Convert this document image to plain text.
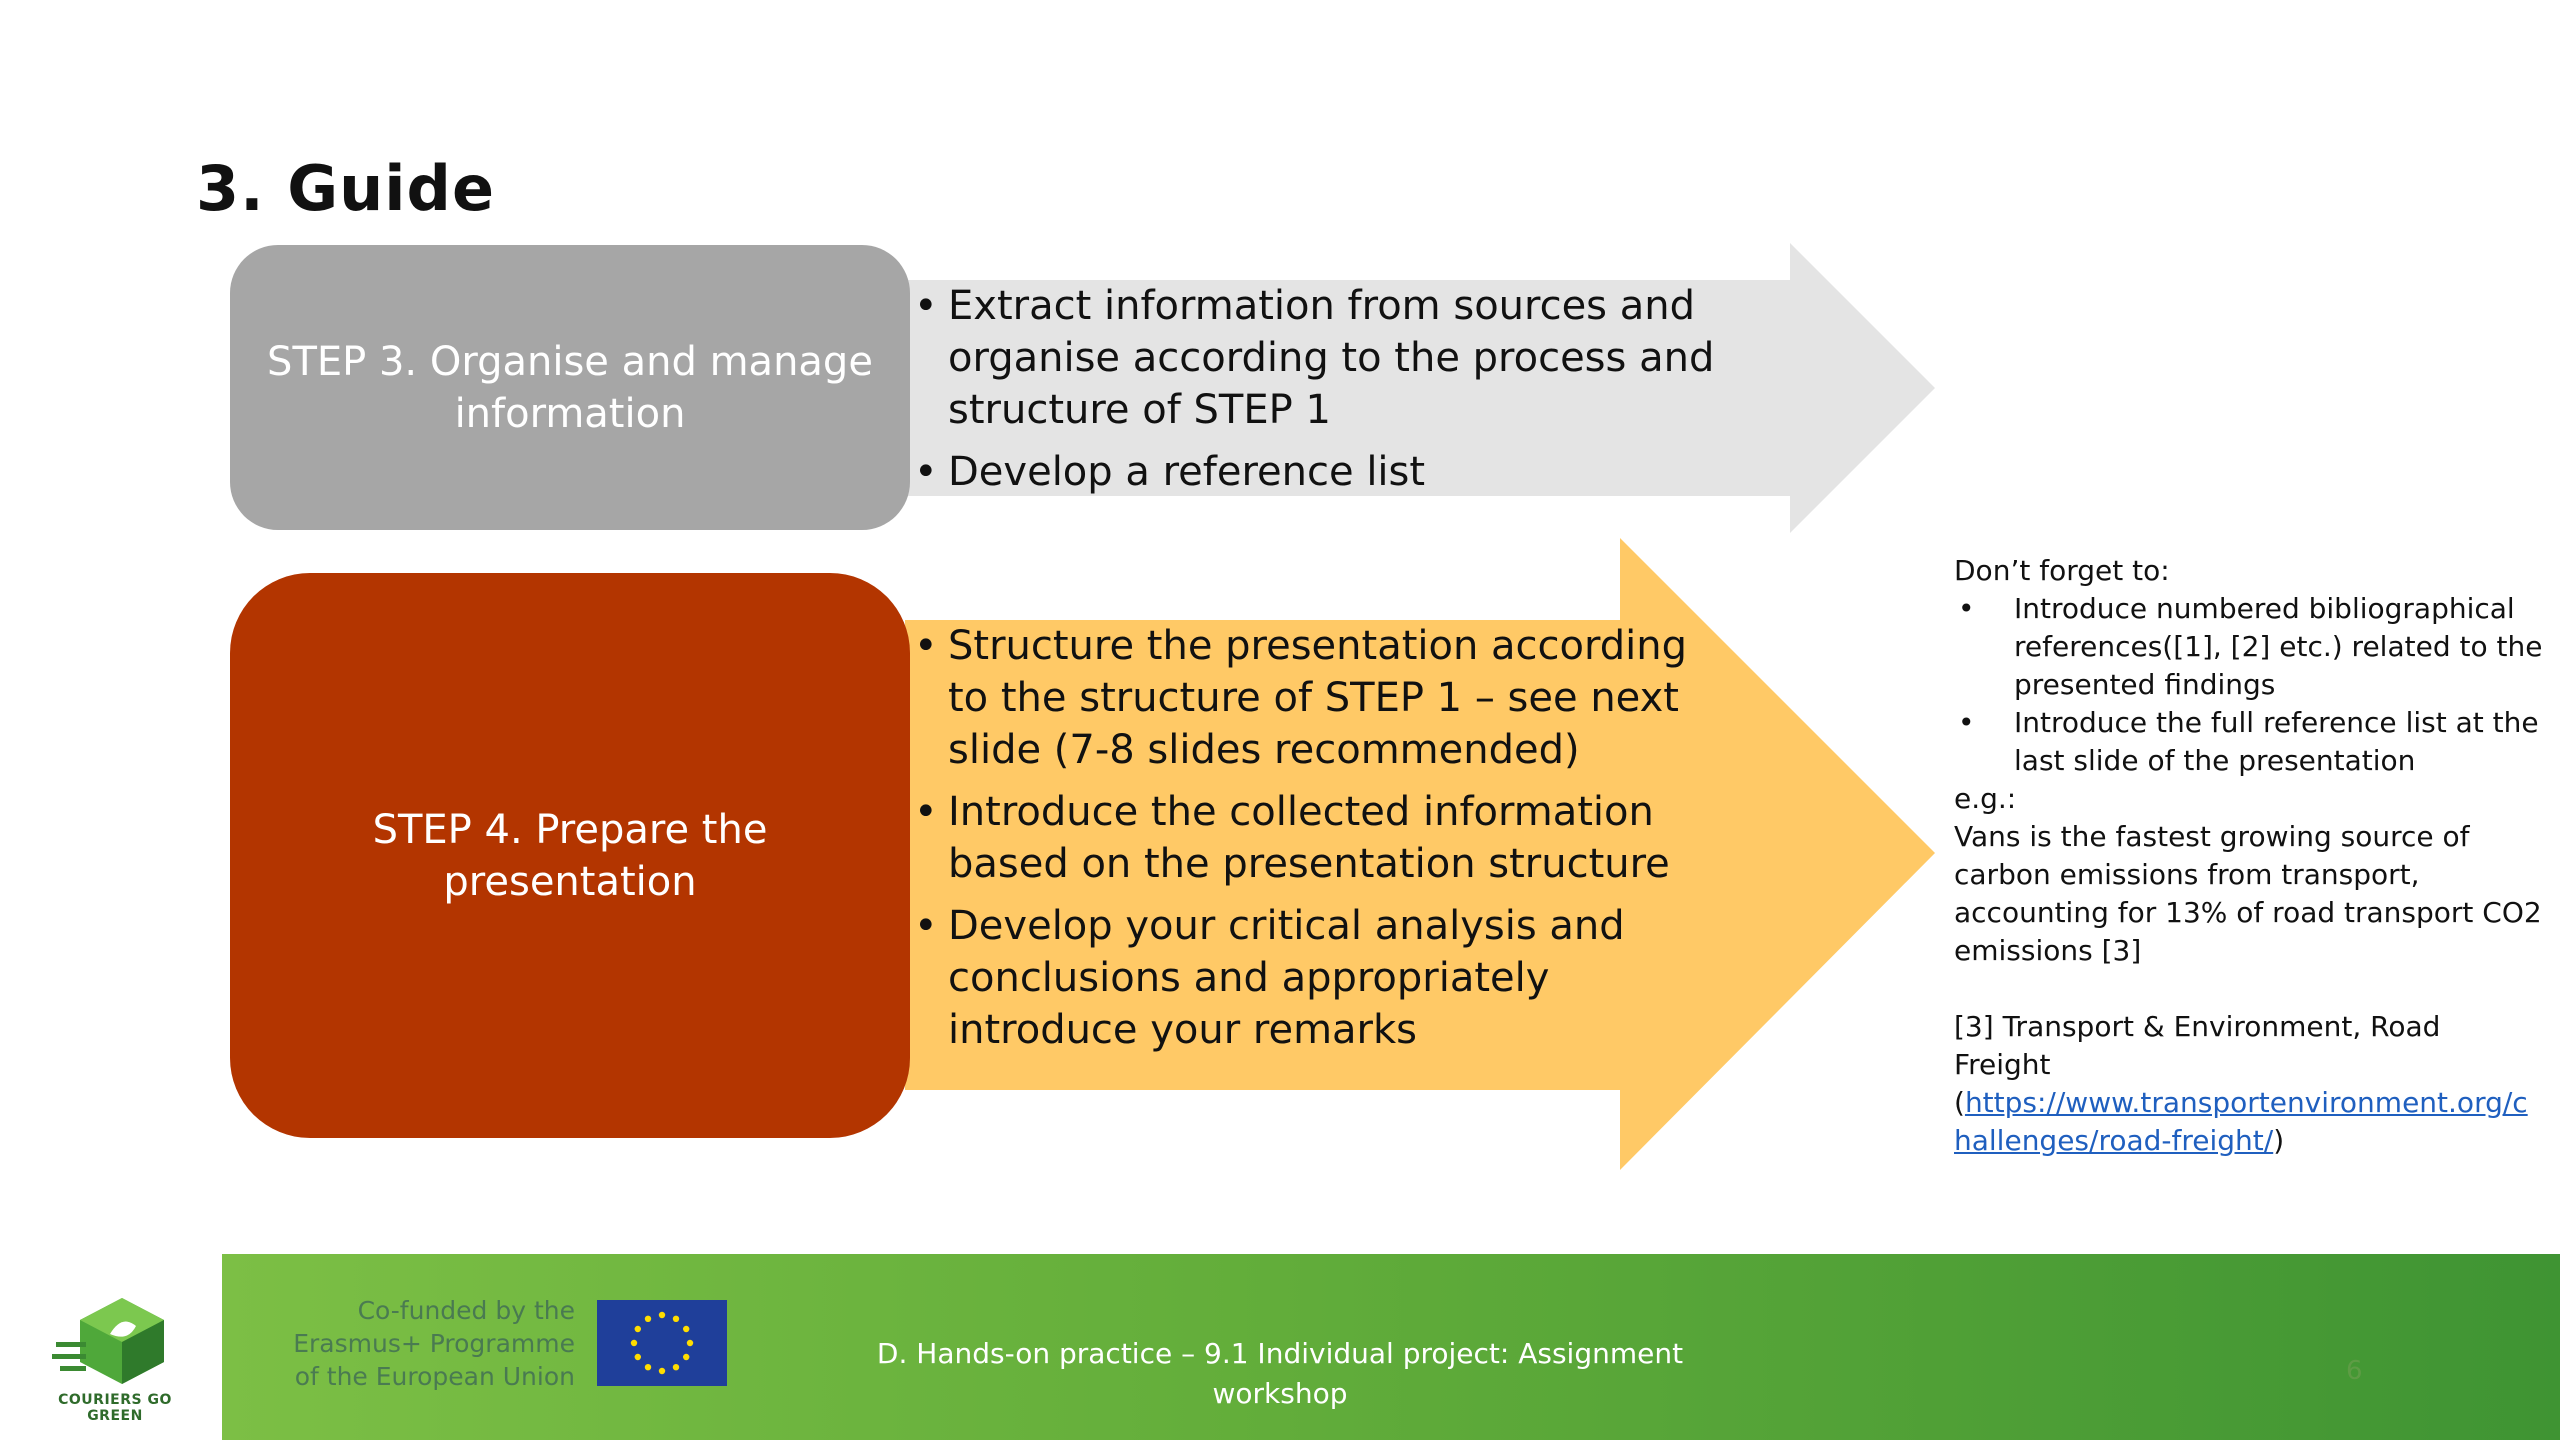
3. Guide
STEP 3. Organise and manage information
• Extract information from sources and organise according to the process and structure of STEP 1
• Develop a reference list
STEP 4. Prepare the presentation
• Structure the presentation according to the structure of STEP 1 – see next slide (7-8 slides recommended)
• Introduce the collected information based on the presentation structure
• Develop your critical analysis and conclusions and appropriately introduce your remarks

Don’t forget to:

• Introduce numbered bibliographical references([1], [2] etc.) related to the presented findings
• Introduce the full reference list at the last slide of the presentation

e.g.:

Vans is the fastest growing source of carbon emissions from transport, accounting for 13% of road transport CO2 emissions [3]

[3] Transport & Environment, Road Freight

(https://www.transportenvironment.org/challenges/road-freight/)

COURIERS GO GREEN
Co-funded by the Erasmus+ Programme of the European Union
D. Hands-on practice – 9.1 Individual project: Assignment workshop
6
